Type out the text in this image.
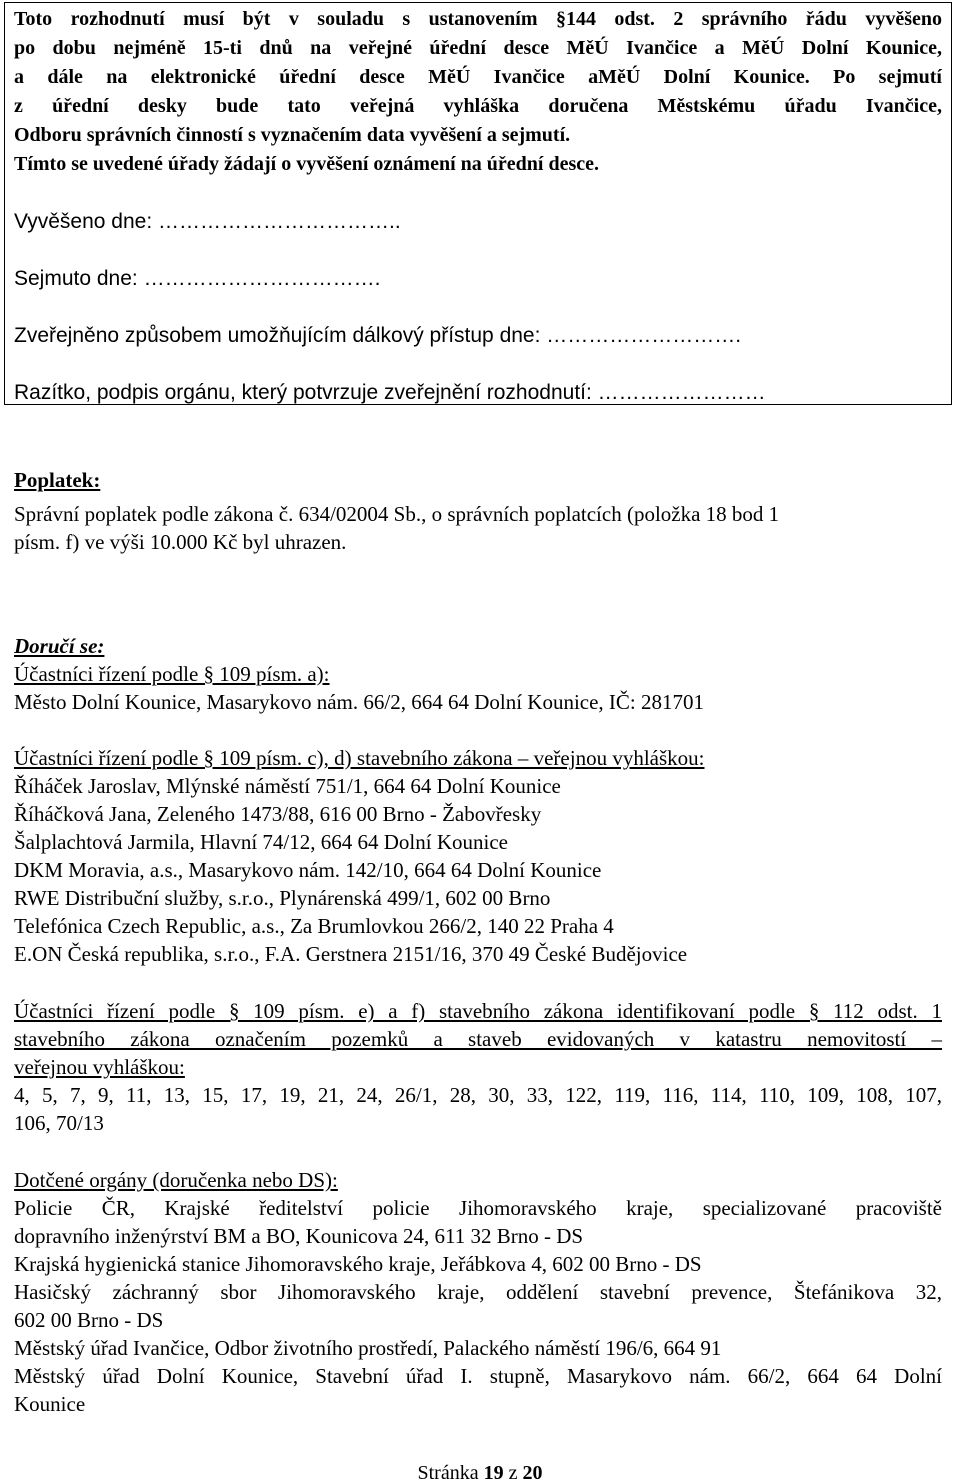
Toto rozhodnutí musí být v souladu s ustanovením §144 odst. 2 správního řádu vyvěšeno

po dobu nejméně 15-ti dnů na veřejné úřední desce MěÚ Ivančice a MěÚ Dolní Kounice,

a dále na elektronické úřední desce MěÚ Ivančice aMěÚ Dolní Kounice. Po sejmutí

z úřední desky bude tato veřejná vyhláška doručena Městskému úřadu Ivančice,

Odboru správních činností s vyznačením data vyvěšení a sejmutí.

Tímto se uvedené úřady žádají o vyvěšení oznámení na úřední desce.

Vyvěšeno dne: ……………………………..

Sejmuto dne: …………………………….

Zveřejněno způsobem umožňujícím dálkový přístup dne: ……………………….

Razítko, podpis orgánu, který potvrzuje zveřejnění rozhodnutí: ……………………

Poplatek:

Správní poplatek podle zákona č. 634/02004 Sb., o správních poplatcích (položka 18 bod 1

písm. f) ve výši 10.000 Kč byl uhrazen.

Doručí se:

Účastníci řízení podle § 109 písm. a):

Město Dolní Kounice, Masarykovo nám. 66/2, 664 64 Dolní Kounice, IČ: 281701

Účastníci řízení podle § 109 písm. c), d) stavebního zákona – veřejnou vyhláškou:

Říháček Jaroslav, Mlýnské náměstí 751/1, 664 64 Dolní Kounice

Říháčková Jana, Zeleného 1473/88, 616 00 Brno - Žabovřesky

Šalplachtová Jarmila, Hlavní 74/12, 664 64 Dolní Kounice

DKM Moravia, a.s., Masarykovo nám. 142/10, 664 64 Dolní Kounice

RWE Distribuční služby, s.r.o., Plynárenská 499/1, 602 00 Brno

Telefónica Czech Republic, a.s., Za Brumlovkou 266/2, 140 22 Praha 4

E.ON Česká republika, s.r.o., F.A. Gerstnera 2151/16, 370 49 České Budějovice

Účastníci řízení podle § 109 písm. e) a f) stavebního zákona identifikovaní podle § 112 odst. 1

stavebního zákona označením pozemků a staveb evidovaných v katastru nemovitostí –

veřejnou vyhláškou:

4, 5, 7, 9, 11, 13, 15, 17, 19, 21, 24, 26/1, 28, 30, 33, 122, 119, 116, 114, 110, 109, 108, 107,

106, 70/13

Dotčené orgány (doručenka nebo DS):

Policie ČR, Krajské ředitelství policie Jihomoravského kraje, specializované pracoviště

dopravního inženýrství BM a BO, Kounicova 24, 611 32 Brno - DS

Krajská hygienická stanice Jihomoravského kraje, Jeřábkova 4, 602 00 Brno - DS

Hasičský záchranný sbor Jihomoravského kraje, oddělení stavební prevence, Štefánikova 32,

602 00 Brno - DS

Městský úřad Ivančice, Odbor životního prostředí, Palackého náměstí 196/6, 664 91

Městský úřad Dolní Kounice, Stavební úřad I. stupně, Masarykovo nám. 66/2, 664 64 Dolní

Kounice

Stránka 19 z 20
